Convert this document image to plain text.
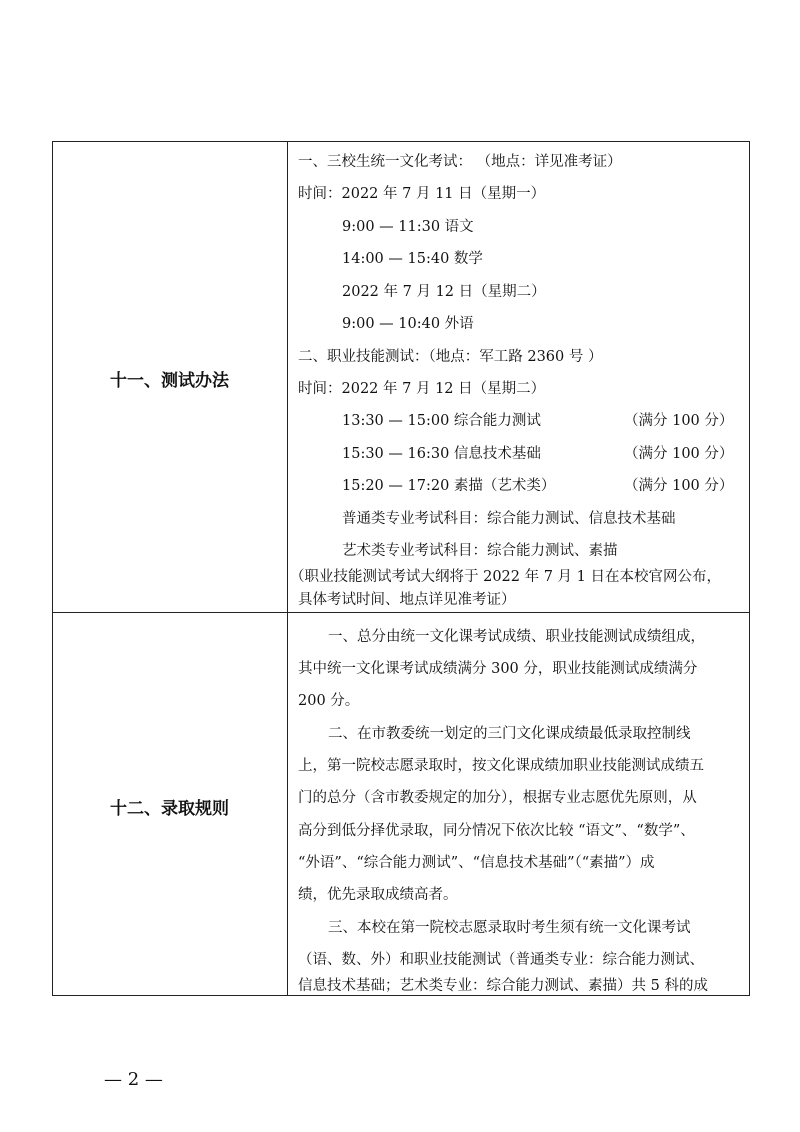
十一、测试办法
一、三校生统一文化考试： （地点：详见准考证）
时间：2022 年 7 月 11 日（星期一）
9:00 — 11:30 语文
14:00 — 15:40 数学
2022 年 7 月 12 日（星期二）
9:00 — 10:40 外语
二、职业技能测试：（地点：军工路 2360 号 ）
时间：2022 年 7 月 12 日（星期二）
13:30 — 15:00 综合能力测试	（满分 100 分）
15:30 — 16:30 信息技术基础	（满分 100 分）
15:20 — 17:20 素描（艺术类）	（满分 100 分）
普通类专业考试科目：综合能力测试、信息技术基础
艺术类专业考试科目：综合能力测试、素描
（职业技能测试考试大纲将于 2022 年 7 月 1 日在本校官网公布，
具体考试时间、地点详见准考证）
十二、录取规则
一、总分由统一文化课考试成绩、职业技能测试成绩组成，
其中统一文化课考试成绩满分 300 分，职业技能测试成绩满分
200 分。
二、在市教委统一划定的三门文化课成绩最低录取控制线
上，第一院校志愿录取时，按文化课成绩加职业技能测试成绩五
门的总分（含市教委规定的加分），根据专业志愿优先原则，从
高分到低分择优录取，同分情况下依次比较 “语文”、“数学”、
“外语”、“综合能力测试”、“信息技术基础”（“素描”）成
绩，优先录取成绩高者。
三、本校在第一院校志愿录取时考生须有统一文化课考试
（语、数、外）和职业技能测试（普通类专业：综合能力测试、
信息技术基础；艺术类专业：综合能力测试、素描）共 5 科的成
— 2 —
